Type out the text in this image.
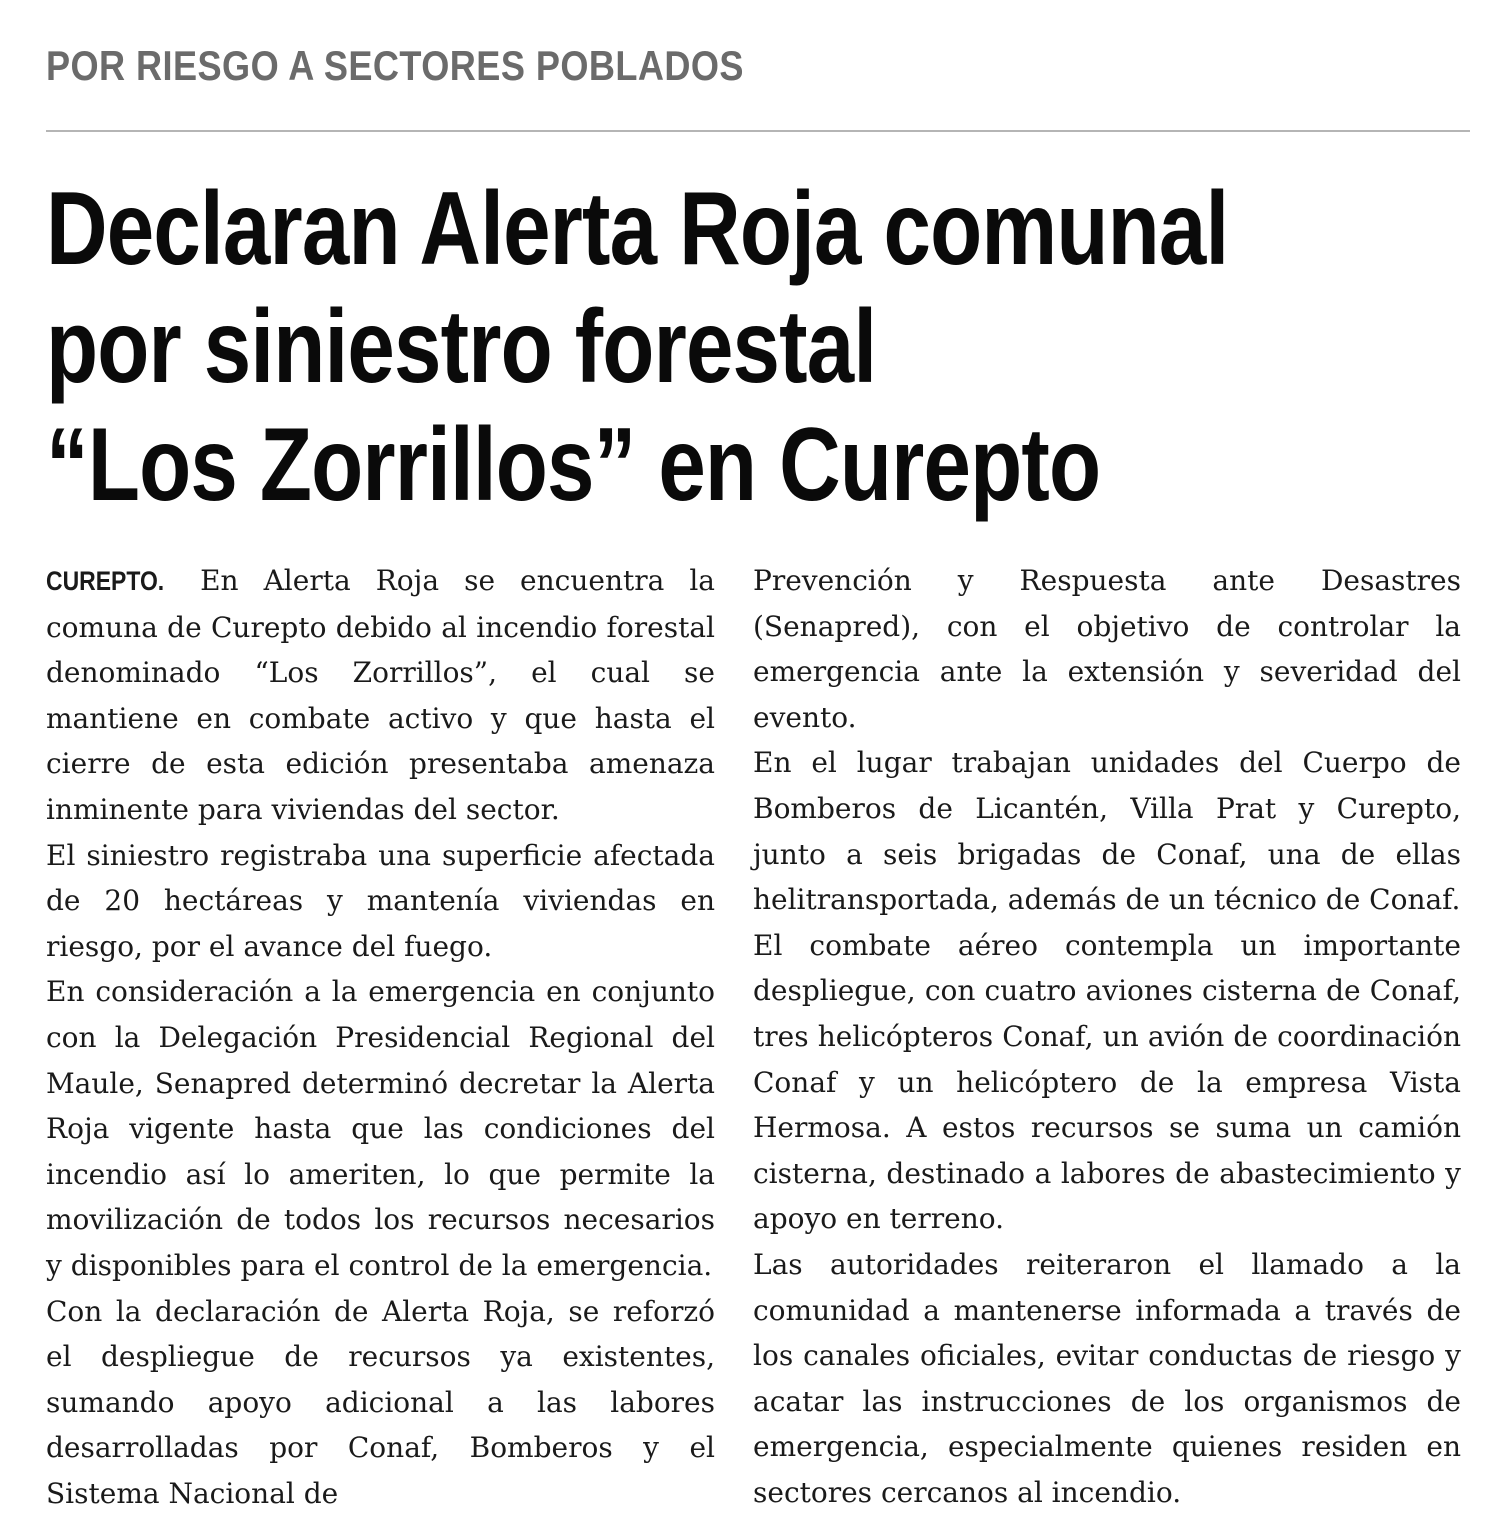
POR RIESGO A SECTORES POBLADOS
Declaran Alerta Roja comunal
por siniestro forestal
“Los Zorrillos” en Curepto

CUREPTO. En Alerta Roja se encuentra la comuna de Curepto debido al incendio forestal denominado “Los Zorrillos”, el cual se mantiene en combate activo y que hasta el cierre de esta edición presentaba amenaza inminente para viviendas del sector.

El siniestro registraba una superficie afectada de 20 hectáreas y mantenía viviendas en riesgo, por el avance del fuego.

En consideración a la emergencia en conjunto con la Delegación Presidencial Regional del Maule, Senapred determinó decretar la Alerta Roja vigente hasta que las condiciones del incendio así lo ameriten, lo que permite la movilización de todos los recursos necesarios y disponibles para el control de la emergencia.

Con la declaración de Alerta Roja, se reforzó el despliegue de recursos ya existentes, sumando apoyo adicional a las labores desarrolladas por Conaf, Bomberos y el Sistema Nacional de

Prevención y Respuesta ante Desastres (Senapred), con el objetivo de controlar la emergencia ante la extensión y severidad del evento.

En el lugar trabajan unidades del Cuerpo de Bomberos de Licantén, Villa Prat y Curepto, junto a seis brigadas de Conaf, una de ellas helitransportada, además de un técnico de Conaf.

El combate aéreo contempla un importante despliegue, con cuatro aviones cisterna de Conaf, tres helicópteros Conaf, un avión de coordinación Conaf y un helicóptero de la empresa Vista Hermosa. A estos recursos se suma un camión cisterna, destinado a labores de abastecimiento y apoyo en terreno.

Las autoridades reiteraron el llamado a la comunidad a mantenerse informada a través de los canales oficiales, evitar conductas de riesgo y acatar las instrucciones de los organismos de emergencia, especialmente quienes residen en sectores cercanos al incendio.
